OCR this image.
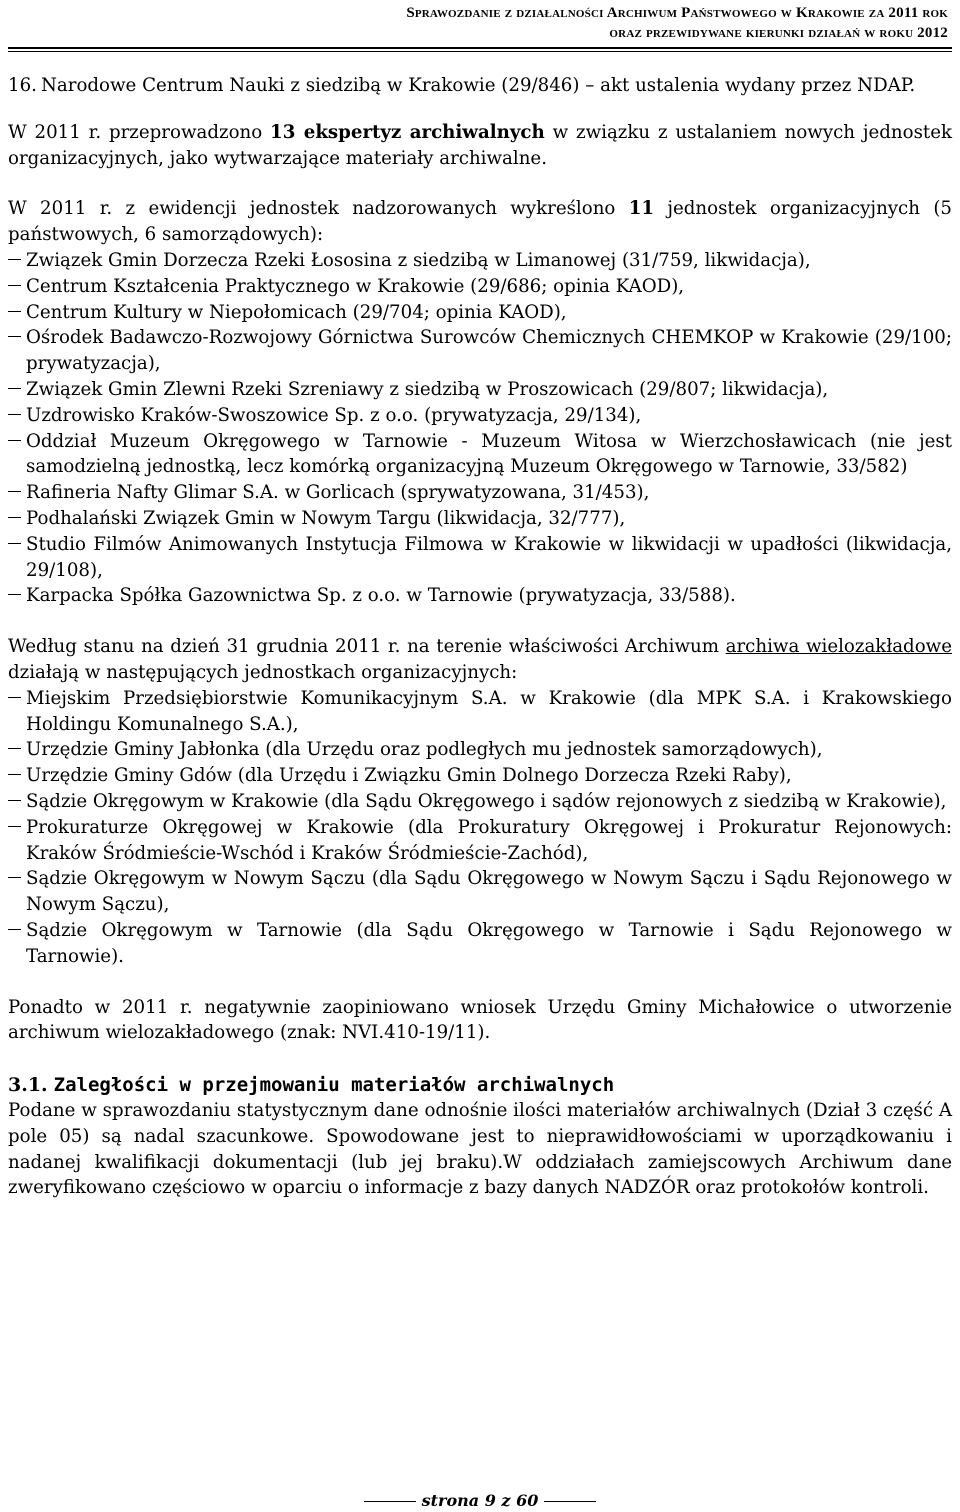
Sprawozdanie z działalności Archiwum Państwowego w Krakowie za 2011 rok
oraz przewidywane kierunki działań w roku 2012
16. Narodowe Centrum Nauki z siedzibą w Krakowie (29/846) – akt ustalenia wydany przez NDAP.

W 2011 r. przeprowadzono 13 ekspertyz archiwalnych w związku z ustalaniem nowych jednostek organizacyjnych, jako wytwarzające materiały archiwalne.

W 2011 r. z ewidencji jednostek nadzorowanych wykreślono 11 jednostek organizacyjnych (5 państwowych, 6 samorządowych):

Związek Gmin Dorzecza Rzeki Łososina z siedzibą w Limanowej (31/759, likwidacja),
Centrum Kształcenia Praktycznego w Krakowie (29/686; opinia KAOD),
Centrum Kultury w Niepołomicach (29/704; opinia KAOD),
Ośrodek Badawczo-Rozwojowy Górnictwa Surowców Chemicznych CHEMKOP w Krakowie (29/100; prywatyzacja),
Związek Gmin Zlewni Rzeki Szreniawy z siedzibą w Proszowicach (29/807; likwidacja),
Uzdrowisko Kraków-Swoszowice Sp. z o.o. (prywatyzacja, 29/134),
Oddział Muzeum Okręgowego w Tarnowie - Muzeum Witosa w Wierzchosławicach (nie jest samodzielną jednostką, lecz komórką organizacyjną Muzeum Okręgowego w Tarnowie, 33/582)
Rafineria Nafty Glimar S.A. w Gorlicach (sprywatyzowana, 31/453),
Podhalański Związek Gmin w Nowym Targu (likwidacja, 32/777),
Studio Filmów Animowanych Instytucja Filmowa w Krakowie w likwidacji w upadłości (likwidacja, 29/108),
Karpacka Spółka Gazownictwa Sp. z o.o. w Tarnowie (prywatyzacja, 33/588).

Według stanu na dzień 31 grudnia 2011 r. na terenie właściwości Archiwum archiwa wielozakładowe działają w następujących jednostkach organizacyjnych:

Miejskim Przedsiębiorstwie Komunikacyjnym S.A. w Krakowie (dla MPK S.A. i Krakowskiego Holdingu Komunalnego S.A.),
Urzędzie Gminy Jabłonka (dla Urzędu oraz podległych mu jednostek samorządowych),
Urzędzie Gminy Gdów (dla Urzędu i Związku Gmin Dolnego Dorzecza Rzeki Raby),
Sądzie Okręgowym w Krakowie (dla Sądu Okręgowego i sądów rejonowych z siedzibą w Krakowie),
Prokuraturze Okręgowej w Krakowie (dla Prokuratury Okręgowej i Prokuratur Rejonowych: Kraków Śródmieście-Wschód i Kraków Śródmieście-Zachód),
Sądzie Okręgowym w Nowym Sączu (dla Sądu Okręgowego w Nowym Sączu i Sądu Rejonowego w Nowym Sączu),
Sądzie Okręgowym w Tarnowie (dla Sądu Okręgowego w Tarnowie i Sądu Rejonowego w Tarnowie).

Ponadto w 2011 r. negatywnie zaopiniowano wniosek Urzędu Gminy Michałowice o utworzenie archiwum wielozakładowego (znak: NVI.410-19/11).

3.1. Zaległości w przejmowaniu materiałów archiwalnych

Podane w sprawozdaniu statystycznym dane odnośnie ilości materiałów archiwalnych (Dział 3 część A pole 05) są nadal szacunkowe. Spowodowane jest to nieprawidłowościami w uporządkowaniu i nadanej kwalifikacji dokumentacji (lub jej braku).W oddziałach zamiejscowych Archiwum dane zweryfikowano częściowo w oparciu o informacje z bazy danych NADZÓR oraz protokołów kontroli.

strona 9 z 60
